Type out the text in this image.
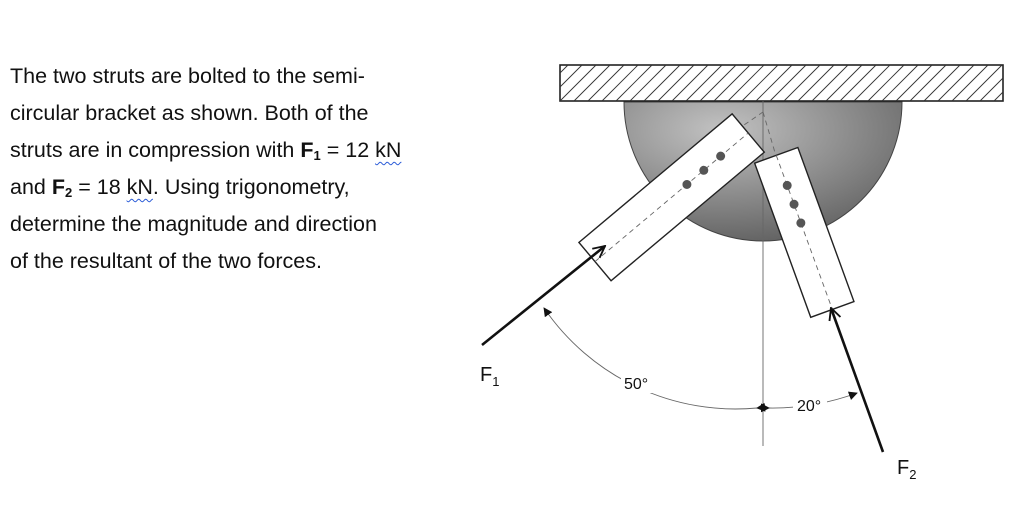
The two struts are bolted to the semi-
circular bracket as shown. Both of the
struts are in compression with $F_1 = 12$ kN
and $F_2 = 18$ kN. Using trigonometry,
determine the magnitude and direction
of the resultant of the two forces.
50°
20°
$F_1$
$F_2$
